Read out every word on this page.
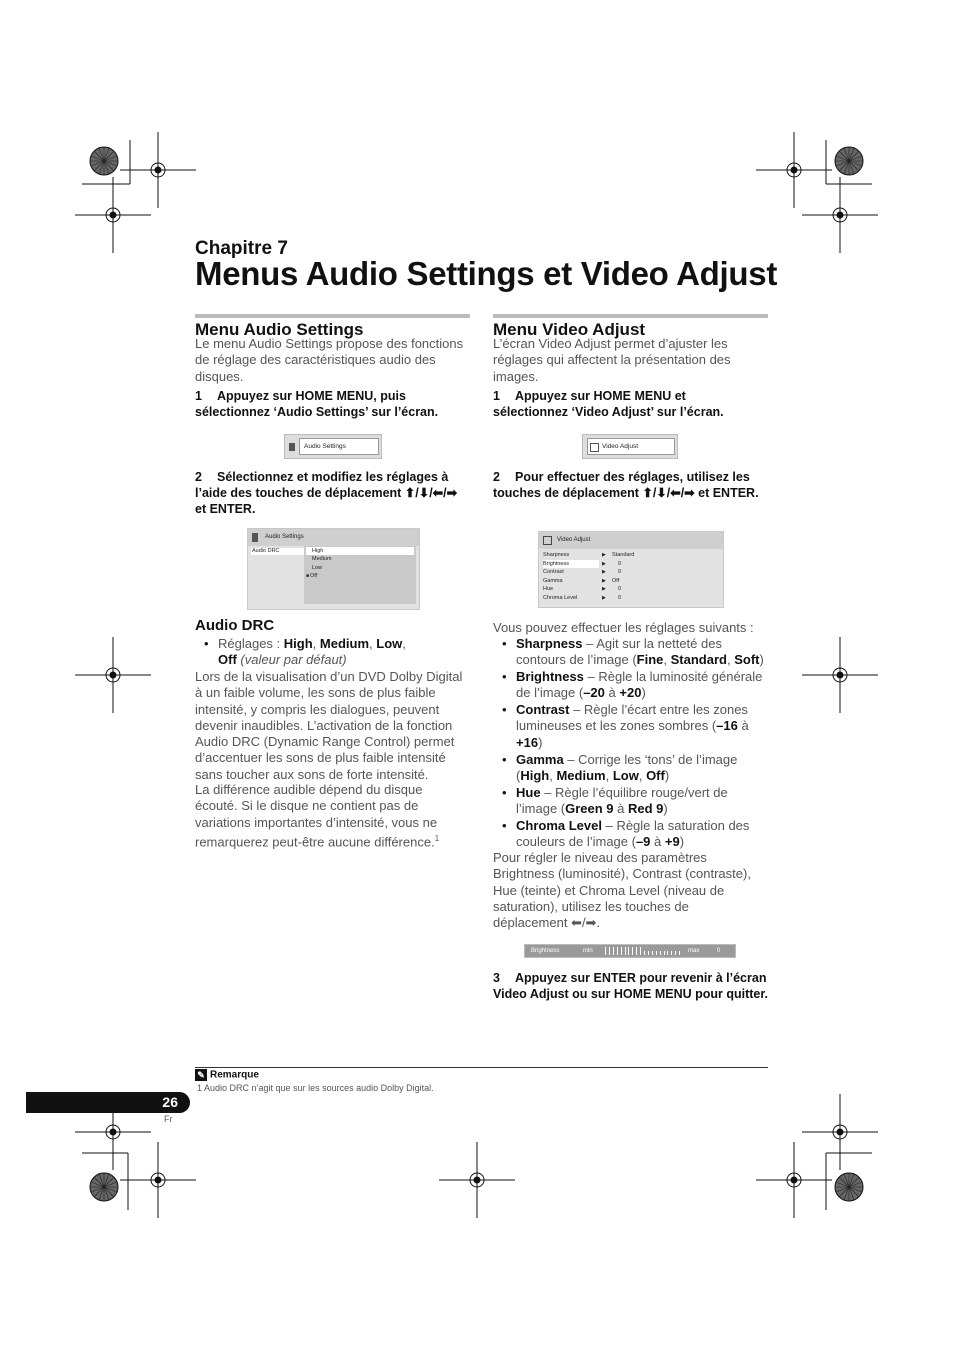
Chapitre 7
Menus Audio Settings et Video Adjust
Menu Audio Settings
Le menu Audio Settings propose des fonctions de réglage des caractéristiques audio des disques.
1 Appuyez sur HOME MENU, puis sélectionnez ‘Audio Settings’ sur l’écran.
Audio Settings
2 Sélectionnez et modifiez les réglages à l’aide des touches de déplacement ⬆/⬇/⬅/➡ et ENTER.
Audio Settings
Audio DRC	High
Medium
Low
■Off
Audio DRC
• Réglages : High, Medium, Low,
Off (valeur par défaut)
Lors de la visualisation d’un DVD Dolby Digital à un faible volume, les sons de plus faible intensité, y compris les dialogues, peuvent devenir inaudibles. L’activation de la fonction Audio DRC (Dynamic Range Control) permet d’accentuer les sons de plus faible intensité sans toucher aux sons de forte intensité.
La différence audible dépend du disque écouté. Si le disque ne contient pas de variations importantes d’intensité, vous ne remarquerez peut-être aucune différence.$^1$
Menu Video Adjust
L’écran Video Adjust permet d’ajuster les réglages qui affectent la présentation des images.
1 Appuyez sur HOME MENU et sélectionnez ‘Video Adjust’ sur l’écran.
Video Adjust
2 Pour effectuer des réglages, utilisez les touches de déplacement ⬆/⬇/⬅/➡ et ENTER.
Video Adjust
Sharpness	▶ Standard
Brightness	▶ 0
Contrast	▶ 0
Gamma	▶ Off
Hue	▶ 0
Chroma Level	▶ 0
Vous pouvez effectuer les réglages suivants :
• Sharpness – Agit sur la netteté des contours de l’image (Fine, Standard, Soft)
• Brightness – Règle la luminosité générale de l’image (–20 à +20)
• Contrast – Règle l’écart entre les zones lumineuses et les zones sombres (–16 à +16)
• Gamma – Corrige les ‘tons’ de l’image (High, Medium, Low, Off)
• Hue – Règle l’équilibre rouge/vert de l’image (Green 9 à Red 9)
• Chroma Level – Règle la saturation des couleurs de l’image (–9 à +9)
Pour régler le niveau des paramètres Brightness (luminosité), Contrast (contraste), Hue (teinte) et Chroma Level (niveau de saturation), utilisez les touches de déplacement ⬅/➡.
Brightness	min	max	0
3 Appuyez sur ENTER pour revenir à l’écran Video Adjust ou sur HOME MENU pour quitter.
✎ Remarque
1 Audio DRC n’agit que sur les sources audio Dolby Digital.
26
Fr
